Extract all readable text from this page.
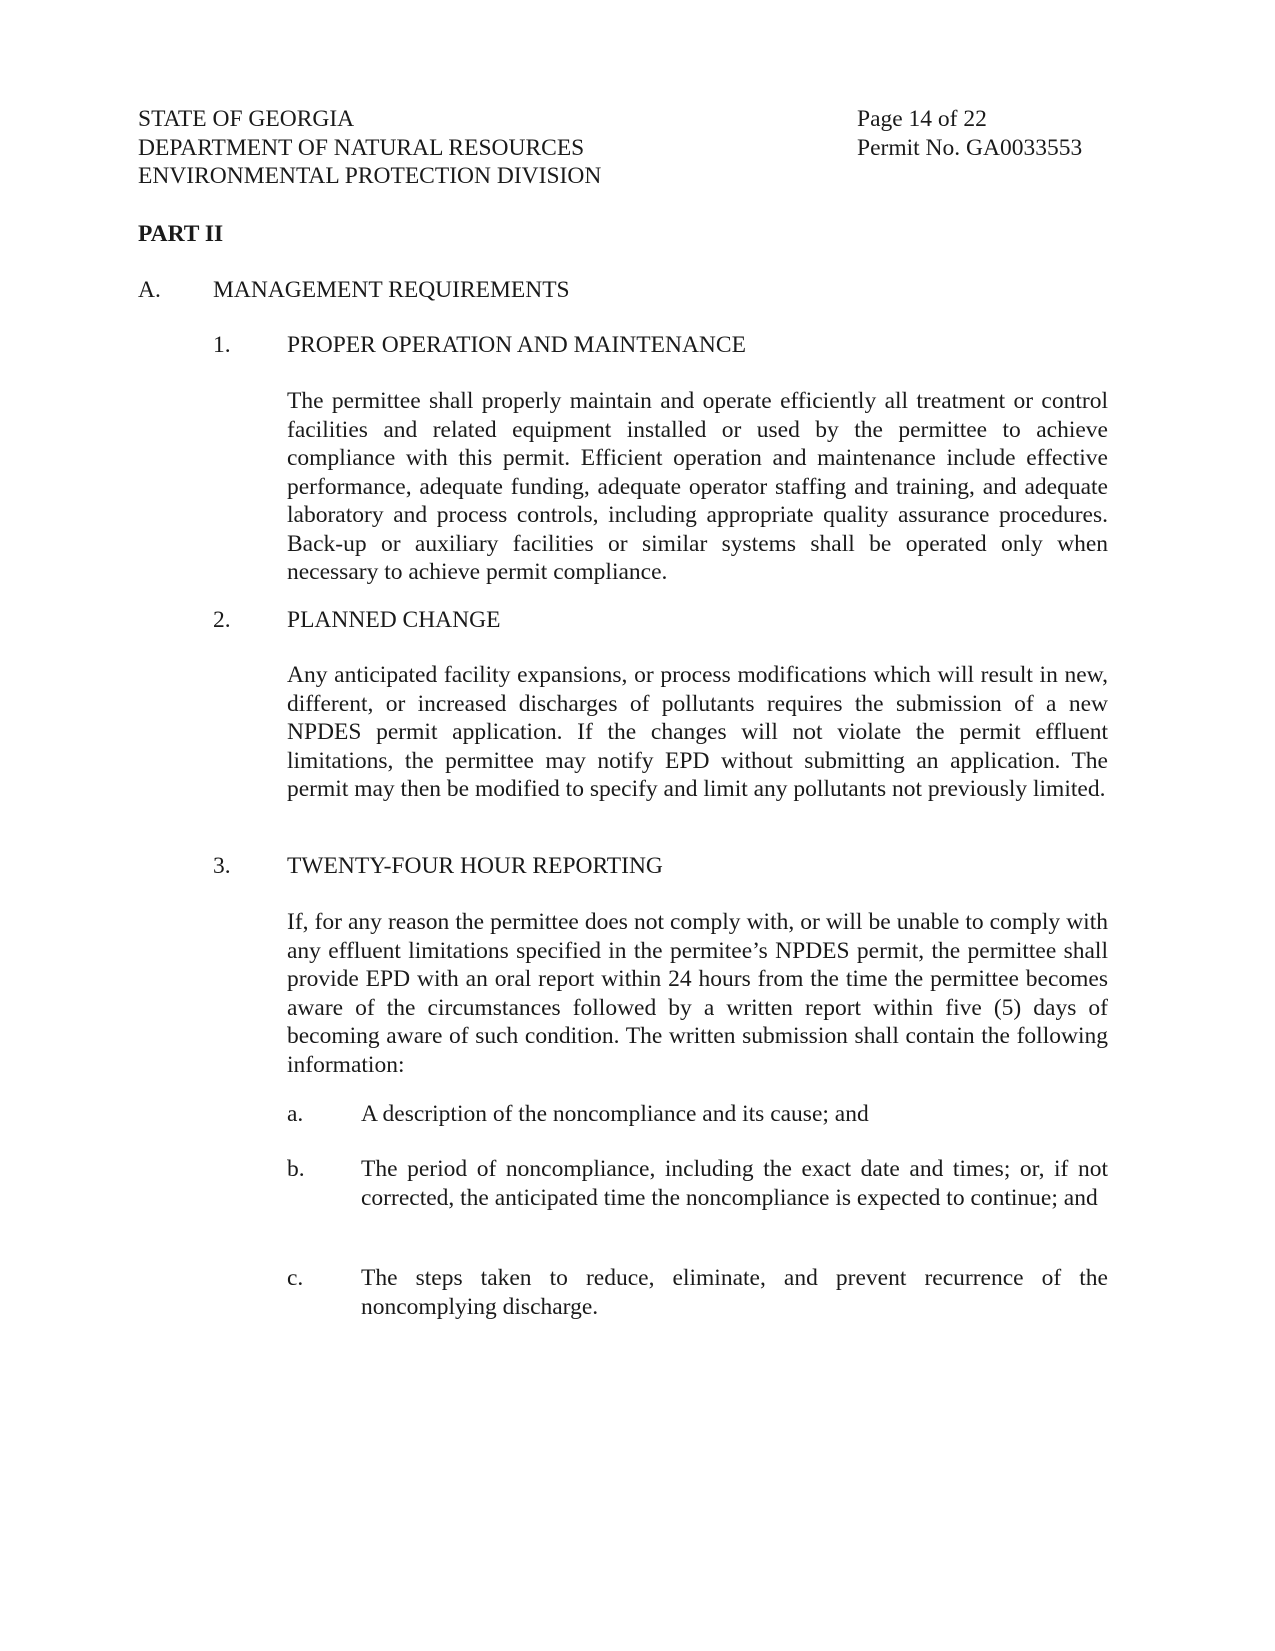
STATE OF GEORGIA
DEPARTMENT OF NATURAL RESOURCES
ENVIRONMENTAL PROTECTION DIVISION
Page 14 of 22
Permit No. GA0033553
PART II
A. MANAGEMENT REQUIREMENTS
1. PROPER OPERATION AND MAINTENANCE
The permittee shall properly maintain and operate efficiently all treatment or control facilities and related equipment installed or used by the permittee to achieve compliance with this permit. Efficient operation and maintenance include effective performance, adequate funding, adequate operator staffing and training, and adequate laboratory and process controls, including appropriate quality assurance procedures. Back-up or auxiliary facilities or similar systems shall be operated only when necessary to achieve permit compliance.
2. PLANNED CHANGE
Any anticipated facility expansions, or process modifications which will result in new, different, or increased discharges of pollutants requires the submission of a new NPDES permit application. If the changes will not violate the permit effluent limitations, the permittee may notify EPD without submitting an application. The permit may then be modified to specify and limit any pollutants not previously limited.
3. TWENTY-FOUR HOUR REPORTING
If, for any reason the permittee does not comply with, or will be unable to comply with any effluent limitations specified in the permitee’s NPDES permit, the permittee shall provide EPD with an oral report within 24 hours from the time the permittee becomes aware of the circumstances followed by a written report within five (5) days of becoming aware of such condition. The written submission shall contain the following information:
a. A description of the noncompliance and its cause; and
b. The period of noncompliance, including the exact date and times; or, if not corrected, the anticipated time the noncompliance is expected to continue; and
c. The steps taken to reduce, eliminate, and prevent recurrence of the noncomplying discharge.
